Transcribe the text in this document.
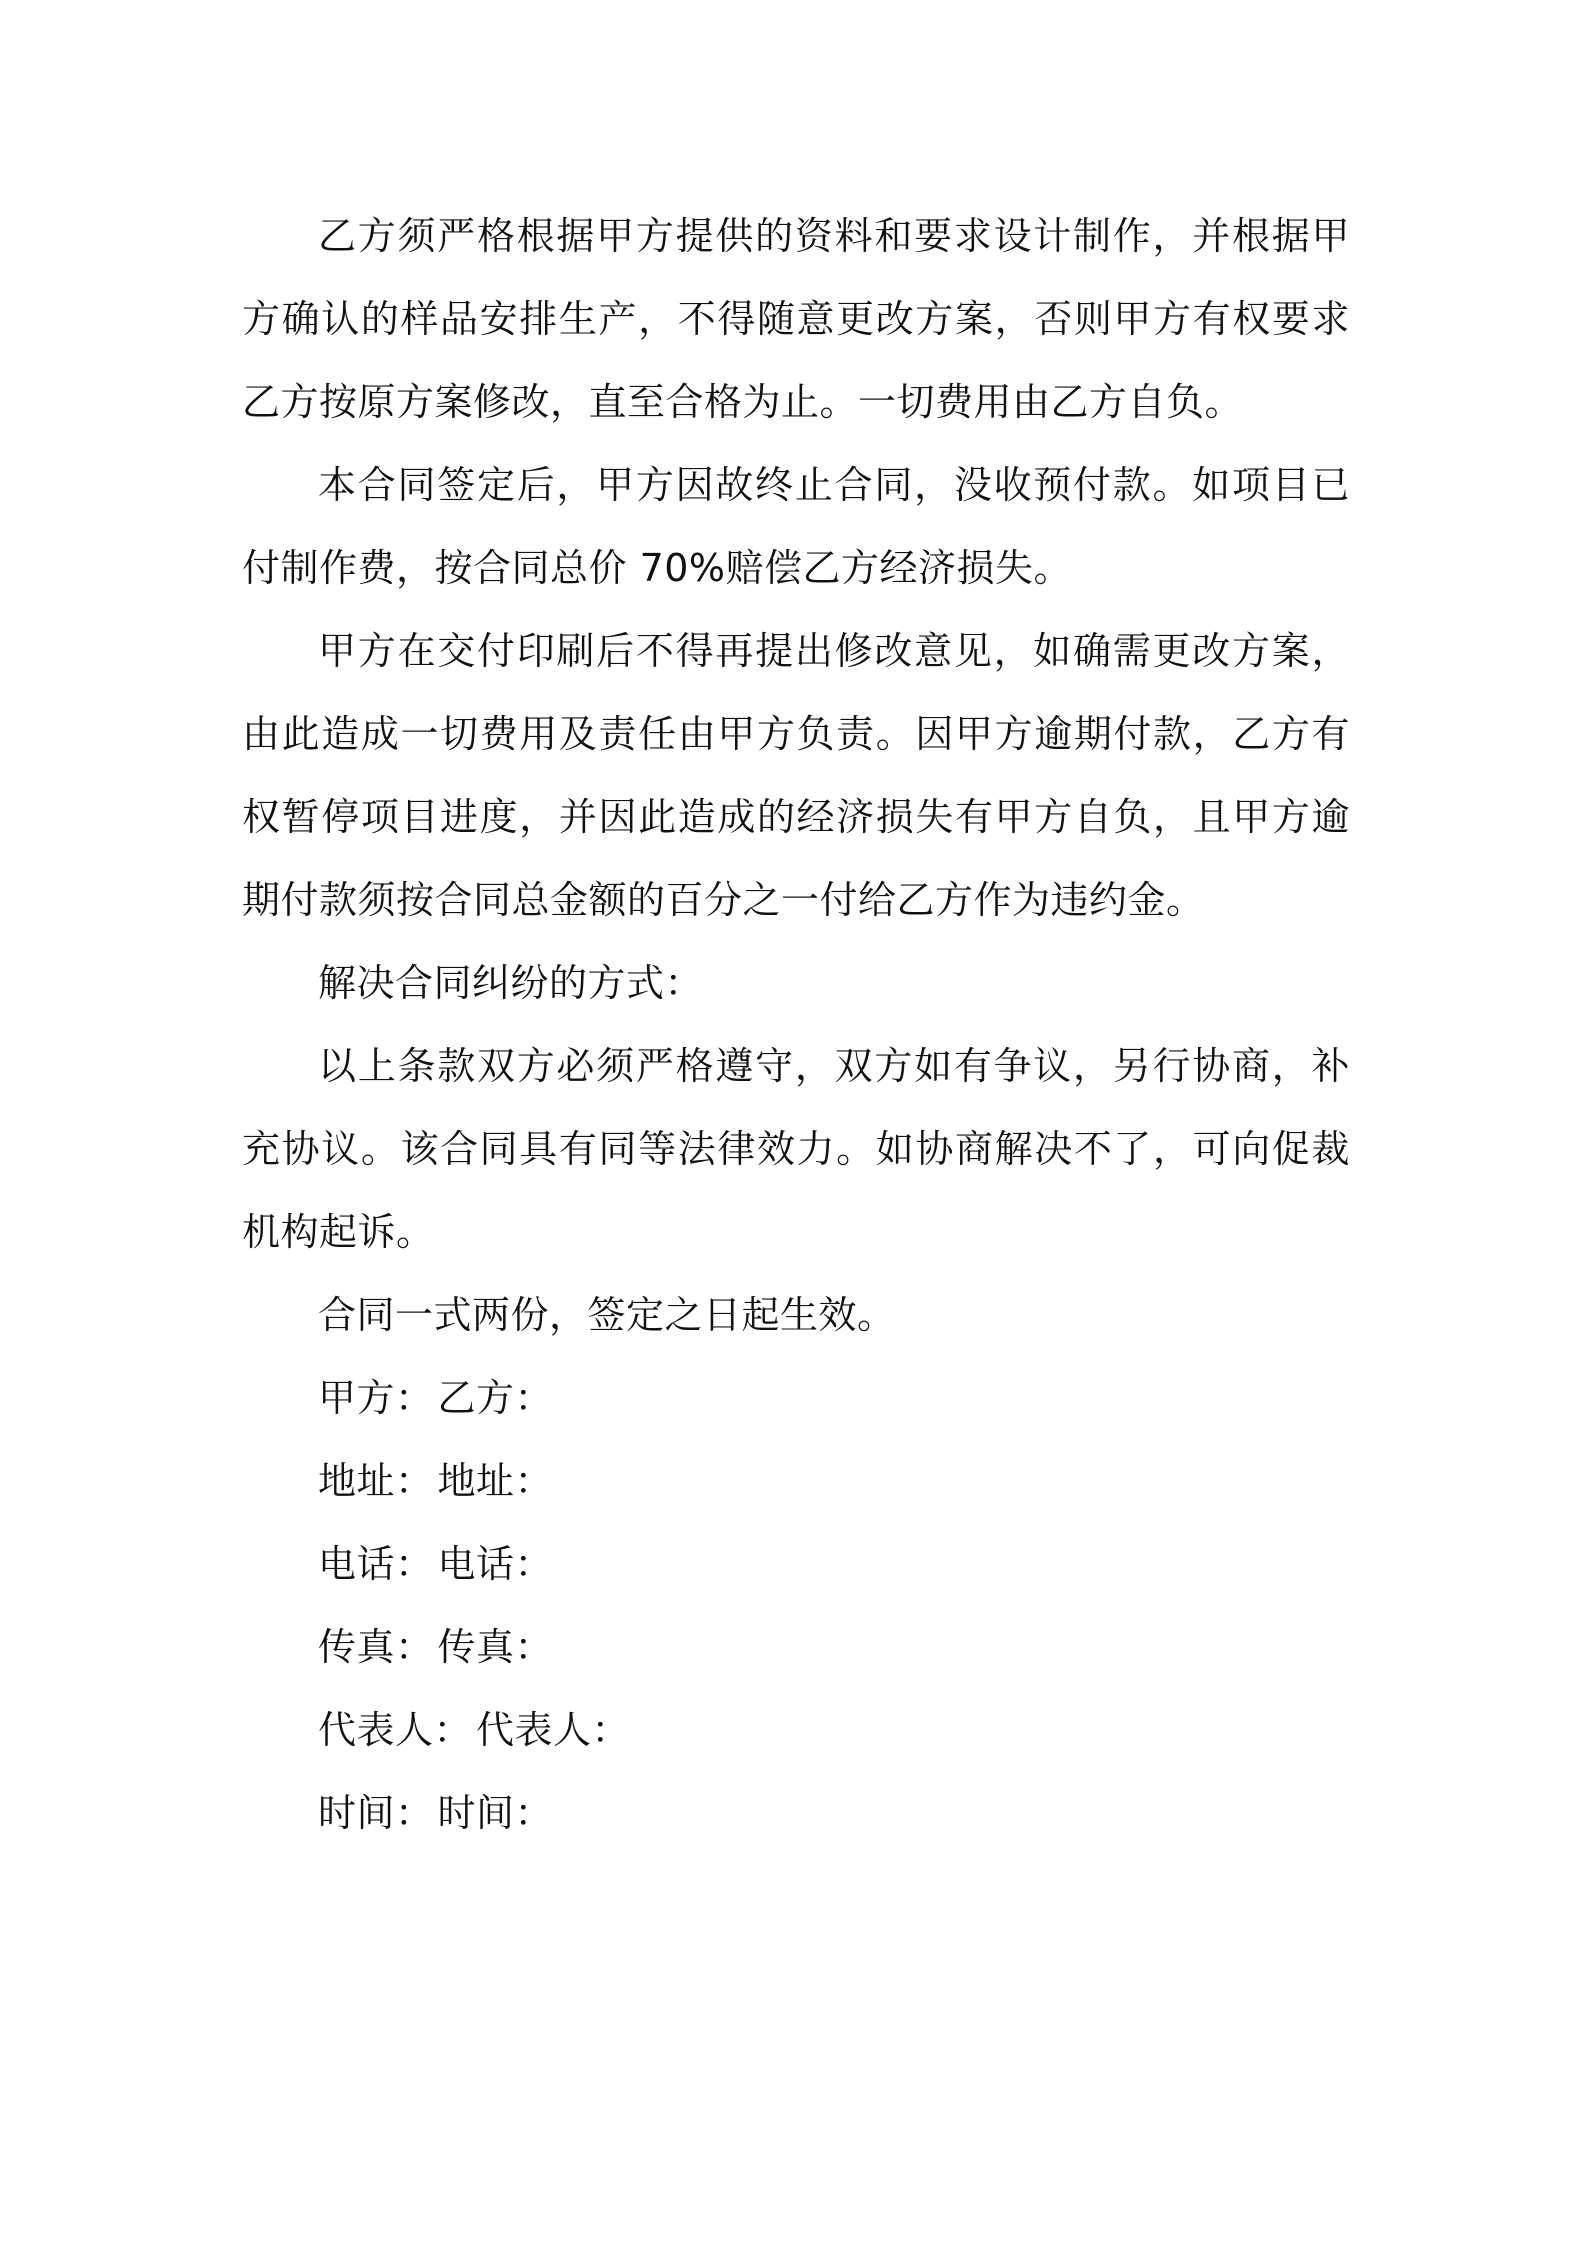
乙方须严格根据甲方提供的资料和要求设计制作，并根据甲方确认的样品安排生产，不得随意更改方案，否则甲方有权要求乙方按原方案修改，直至合格为止。一切费用由乙方自负。

本合同签定后，甲方因故终止合同，没收预付款。如项目已付制作费，按合同总价 70%赔偿乙方经济损失。

甲方在交付印刷后不得再提出修改意见，如确需更改方案，由此造成一切费用及责任由甲方负责。因甲方逾期付款，乙方有权暂停项目进度，并因此造成的经济损失有甲方自负，且甲方逾期付款须按合同总金额的百分之一付给乙方作为违约金。

解决合同纠纷的方式：

以上条款双方必须严格遵守，双方如有争议，另行协商，补充协议。该合同具有同等法律效力。如协商解决不了，可向促裁机构起诉。

合同一式两份，签定之日起生效。

甲方： 乙方：

地址： 地址：

电话： 电话：

传真： 传真：

代表人： 代表人：

时间： 时间：
